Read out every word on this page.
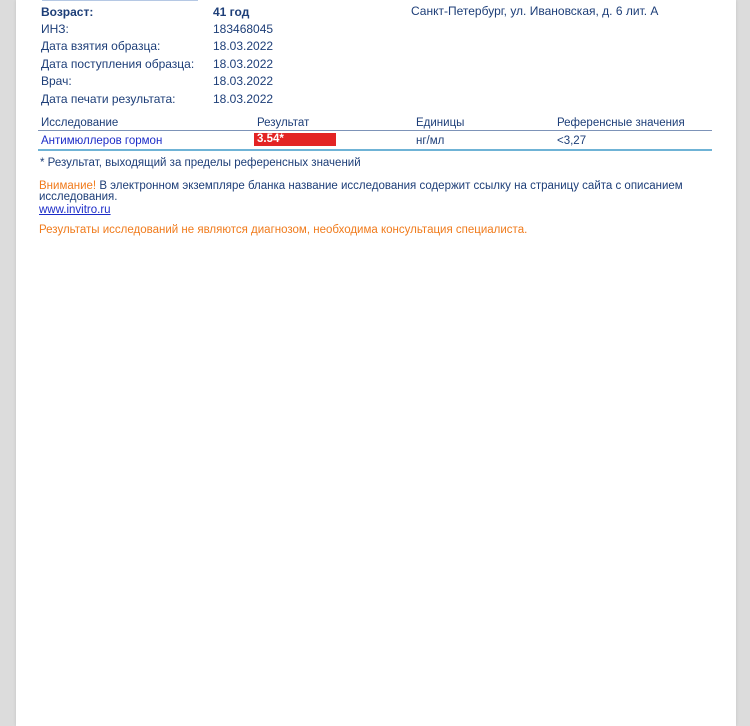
Возраст:	41 год	Санкт-Петербург, ул. Ивановская, д. 6 лит. А
ИНЗ:	183468045
Дата взятия образца:	18.03.2022
Дата поступления образца: 18.03.2022
Врач:	18.03.2022
Дата печати результата:	18.03.2022
Исследование	Результат	Единицы	Референсные значения
Антимюллеров гормон	3.54*	нг/мл	<3,27
* Результат, выходящий за пределы референсных значений
Внимание! В электронном экземпляре бланка название исследования содержит ссылку на страницу сайта с описанием исследования.
www.invitro.ru
Результаты исследований не являются диагнозом, необходима консультация специалиста.
